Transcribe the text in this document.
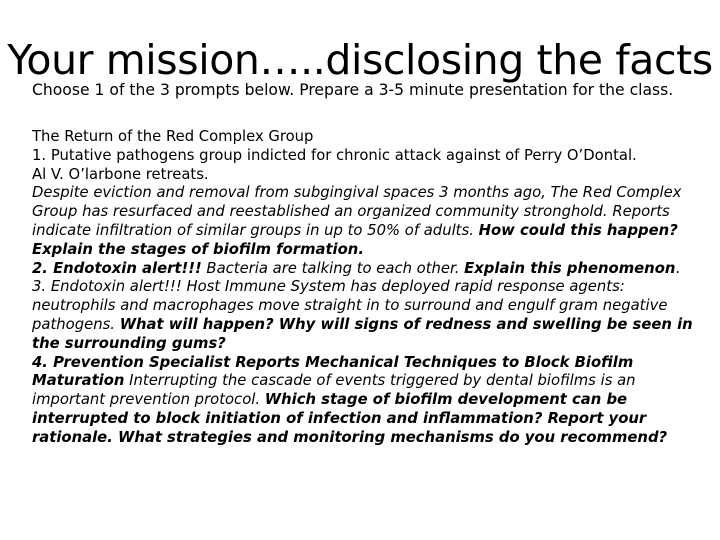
Your mission…..disclosing the facts
Choose 1 of the 3 prompts below. Prepare a 3-5 minute presentation for the class.

The Return of the Red Complex Group

1. Putative pathogens group indicted for chronic attack against of Perry O’Dontal.

Al V. O’larbone retreats.

Despite eviction and removal from subgingival spaces 3 months ago, The Red Complex Group has resurfaced and reestablished an organized community stronghold. Reports indicate infiltration of similar groups in up to 50% of adults. How could this happen? Explain the stages of biofilm formation.

2. Endotoxin alert!!! Bacteria are talking to each other. Explain this phenomenon.

3. Endotoxin alert!!! Host Immune System has deployed rapid response agents: neutrophils and macrophages move straight in to surround and engulf gram negative pathogens. What will happen? Why will signs of redness and swelling be seen in the surrounding gums?

4. Prevention Specialist Reports Mechanical Techniques to Block Biofilm Maturation Interrupting the cascade of events triggered by dental biofilms is an important prevention protocol. Which stage of biofilm development can be interrupted to block initiation of infection and inflammation? Report your rationale. What strategies and monitoring mechanisms do you recommend?
